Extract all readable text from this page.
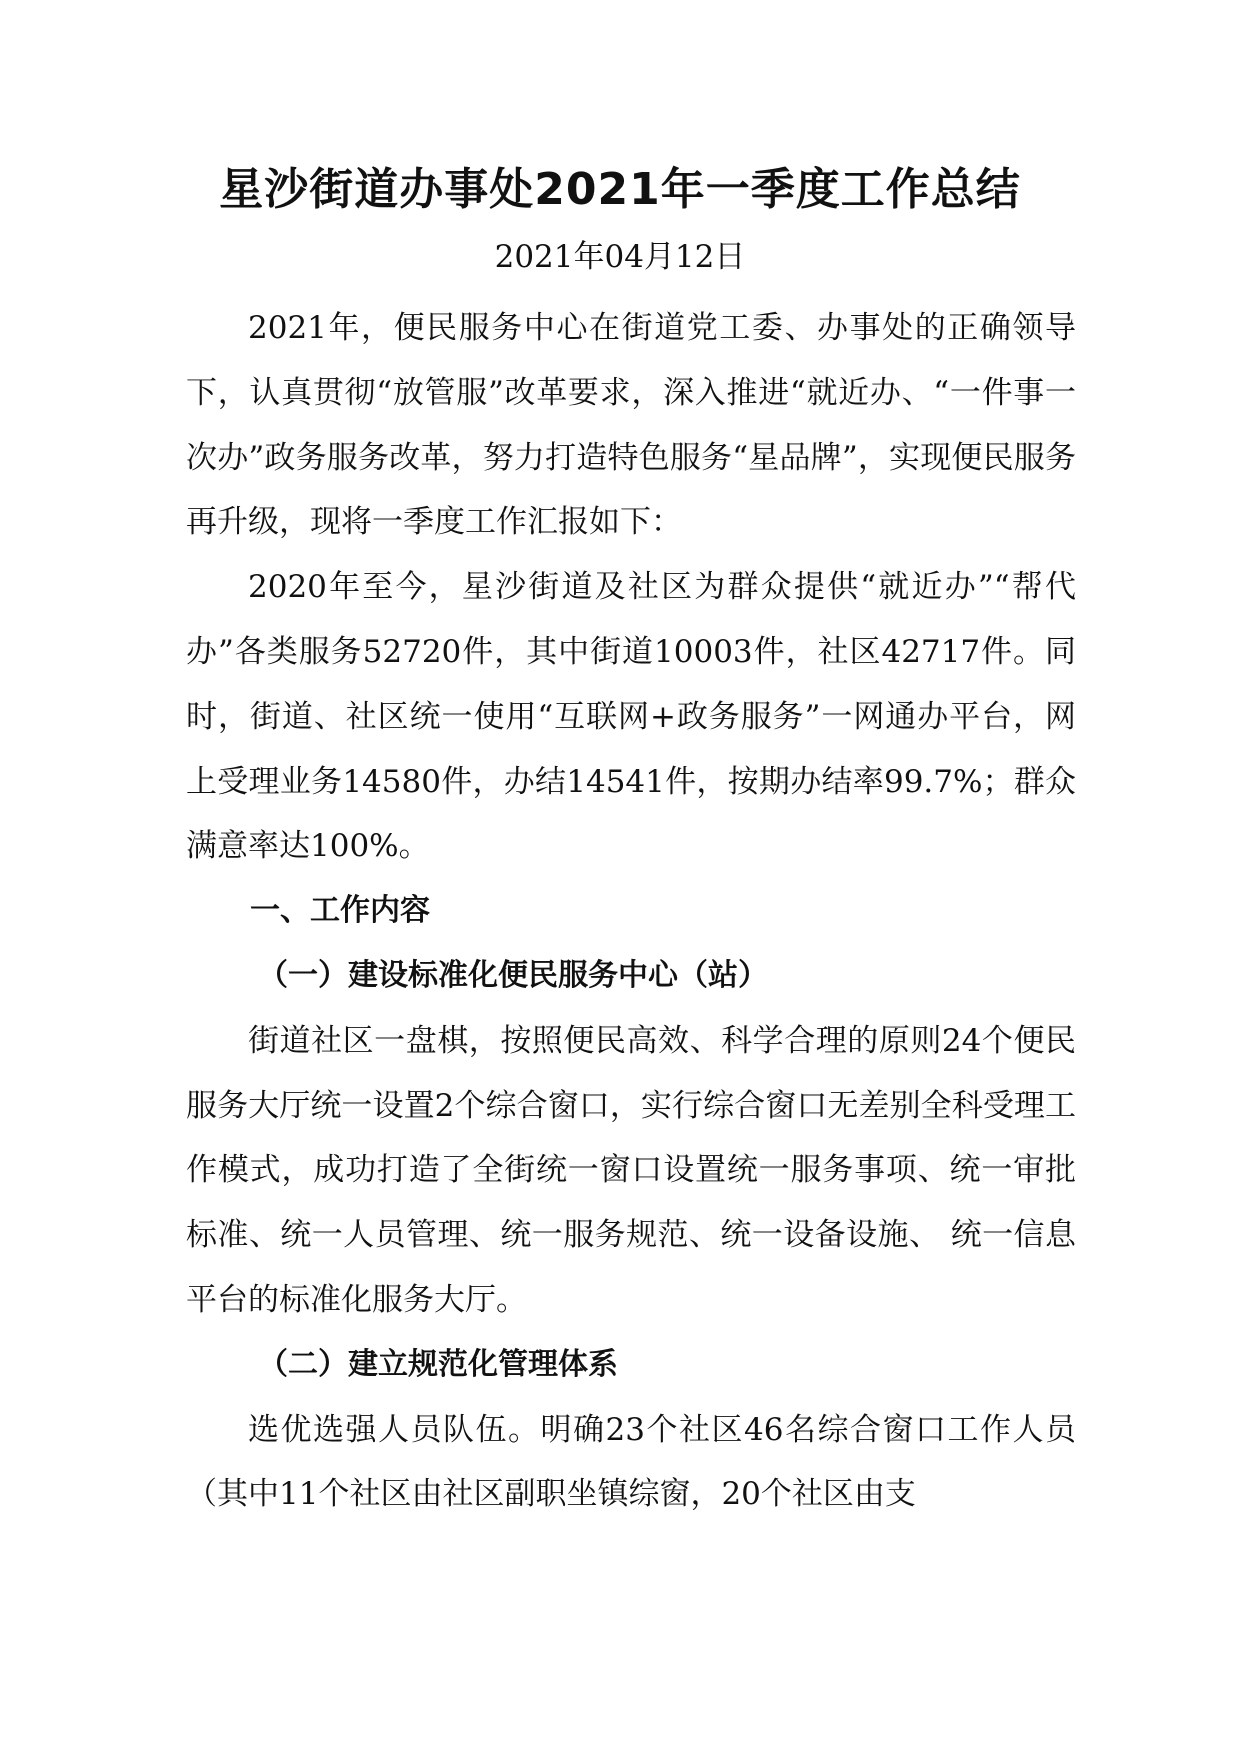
星沙街道办事处2021年一季度工作总结
2021年04月12日

2021年，便民服务中心在街道党工委、办事处的正确领导下，认真贯彻“放管服”改革要求，深入推进“就近办、“一件事一次办”政务服务改革，努力打造特色服务“星品牌”，实现便民服务再升级，现将一季度工作汇报如下：

2020年至今，星沙街道及社区为群众提供“就近办”“帮代办”各类服务52720件，其中街道10003件，社区42717件。同时，街道、社区统一使用“互联网+政务服务”一网通办平台，网上受理业务14580件，办结14541件，按期办结率99.7%；群众满意率达100%。

一、工作内容
（一）建设标准化便民服务中心（站）

街道社区一盘棋，按照便民高效、科学合理的原则24个便民服务大厅统一设置2个综合窗口，实行综合窗口无差别全科受理工作模式，成功打造了全街统一窗口设置统一服务事项、统一审批标准、统一人员管理、统一服务规范、统一设备设施、 统一信息平台的标准化服务大厅。

（二）建立规范化管理体系

选优选强人员队伍。明确23个社区46名综合窗口工作人员（其中11个社区由社区副职坐镇综窗，20个社区由支
